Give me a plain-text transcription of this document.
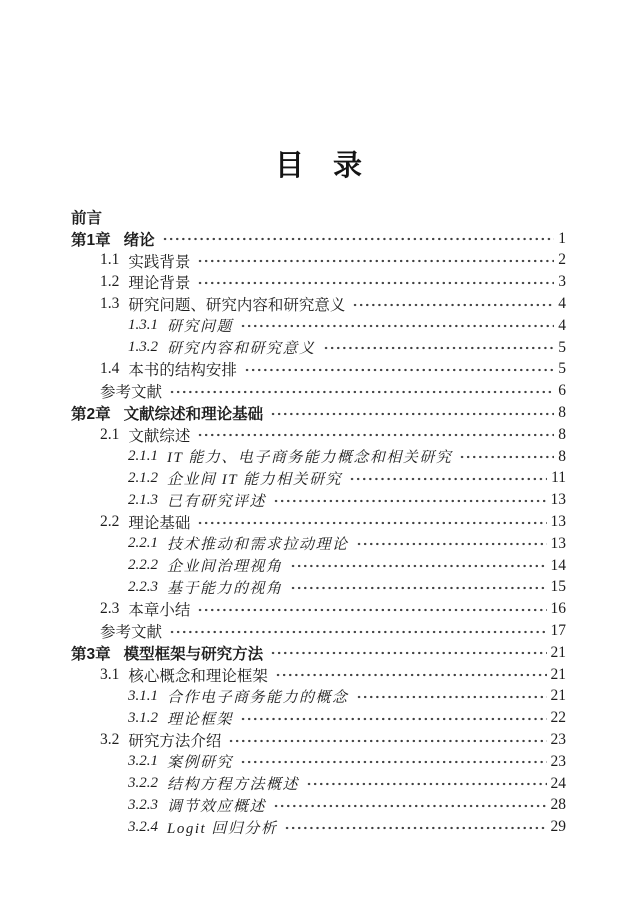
目　录
前言
第1章 绪论	1
1.1 实践背景	2
1.2 理论背景	3
1.3 研究问题、研究内容和研究意义	4
1.3.1 研究问题	4
1.3.2 研究内容和研究意义	5
1.4 本书的结构安排	5
参考文献	6
第2章 文献综述和理论基础	8
2.1 文献综述	8
2.1.1 IT 能力、电子商务能力概念和相关研究	8
2.1.2 企业间 IT 能力相关研究	11
2.1.3 已有研究评述	13
2.2 理论基础	13
2.2.1 技术推动和需求拉动理论	13
2.2.2 企业间治理视角	14
2.2.3 基于能力的视角	15
2.3 本章小结	16
参考文献	17
第3章 模型框架与研究方法	21
3.1 核心概念和理论框架	21
3.1.1 合作电子商务能力的概念	21
3.1.2 理论框架	22
3.2 研究方法介绍	23
3.2.1 案例研究	23
3.2.2 结构方程方法概述	24
3.2.3 调节效应概述	28
3.2.4 Logit 回归分析	29
